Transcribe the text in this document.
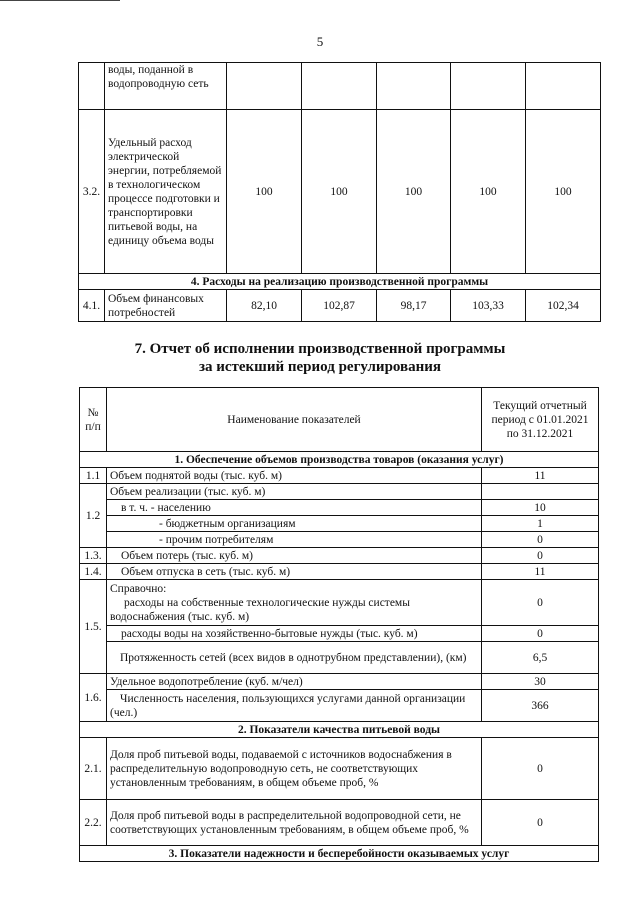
5
	воды, поданной в водопроводную сеть					
3.2.	Удельный расход электрической энергии, потребляемой в технологическом процессе подготовки и транспортировки питьевой воды, на единицу объема воды	100	100	100	100	100
4. Расходы на реализацию производственной программы						
4.1.	Объем финансовых потребностей	82,10	102,87	98,17	103,33	102,34
7. Отчет об исполнении производственной программы
за истекший период регулирования
№ п/п	Наименование показателей	Текущий отчетный период с 01.01.2021 по 31.12.2021
1. Обеспечение объемов производства товаров (оказания услуг)		
1.1	Объем поднятой воды (тыс. куб. м)	11
1.2	Объем реализации (тыс. куб. м)	
	в т. ч. - населению	10
	- бюджетным организациям	1
	- прочим потребителям	0
1.3.	Объем потерь (тыс. куб. м)	0
1.4.	Объем отпуска в сеть (тыс. куб. м)	11
1.5.	Справочно:
расходы на собственные технологические нужды системы водоснабжения (тыс. куб. м)	0
	расходы воды на хозяйственно-бытовые нужды (тыс. куб. м)	0
	Протяженность сетей (всех видов в однотрубном представлении), (км)	6,5
1.6.	Удельное водопотребление (куб. м/чел)	30
	Численность населения, пользующихся услугами данной организации (чел.)	366
2. Показатели качества питьевой воды		
2.1.	Доля проб питьевой воды, подаваемой с источников водоснабжения в распределительную водопроводную сеть, не соответствующих установленным требованиям, в общем объеме проб, %	0
2.2.	Доля проб питьевой воды в распределительной водопроводной сети, не соответствующих установленным требованиям, в общем объеме проб, %	0
3. Показатели надежности и бесперебойности оказываемых услуг		
